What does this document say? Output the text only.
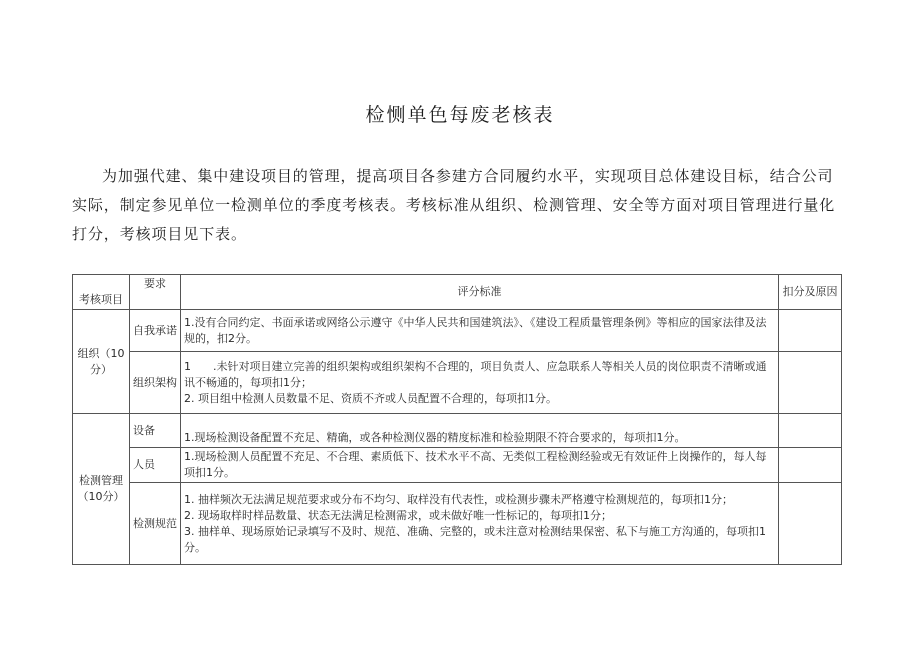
检恻单色每废老核表
为加强代建、集中建设项目的管理，提高项目各参建方合同履约水平，实现项目总体建设目标，结合公司实际，制定参见单位一检测单位的季度考核表。考核标准从组织、检测管理、安全等方面对项目管理进行量化打分，考核项目见下表。
考核项目	要求	评分标准	扣分及原因
组织（10分）	自我承诺	1.没有合同约定、书面承诺或网络公示遵守《中华人民共和国建筑法》、《建设工程质量管理条例》等相应的国家法律及法规的，扣2分。	
	组织架构	1　　.未针对项目建立完善的组织架构或组织架构不合理的，项目负责人、应急联系人等相关人员的岗位职责不清晰或通讯不畅通的，每项扣1分；
2. 项目组中检测人员数量不足、资质不齐或人员配置不合理的，每项扣1分。	

检测管理（10分）	设备	1.现场检测设备配置不充足、精确，或各种检测仪器的精度标准和检验期限不符合要求的，每项扣1分。	
	人员	1.现场检测人员配置不充足、不合理、素质低下、技术水平不高、无类似工程检测经验或无有效证件上岗操作的，每人每项扣1分。	
	检测规范	1. 抽样频次无法满足规范要求或分布不均匀、取样没有代表性，或检测步骤未严格遵守检测规范的，每项扣1分；
2. 现场取样时样品数量、状态无法满足检测需求，或未做好唯一性标记的，每项扣1分；
3. 抽样单、现场原始记录填写不及时、规范、准确、完整的，或未注意对检测结果保密、私下与施工方沟通的，每项扣1分。	
